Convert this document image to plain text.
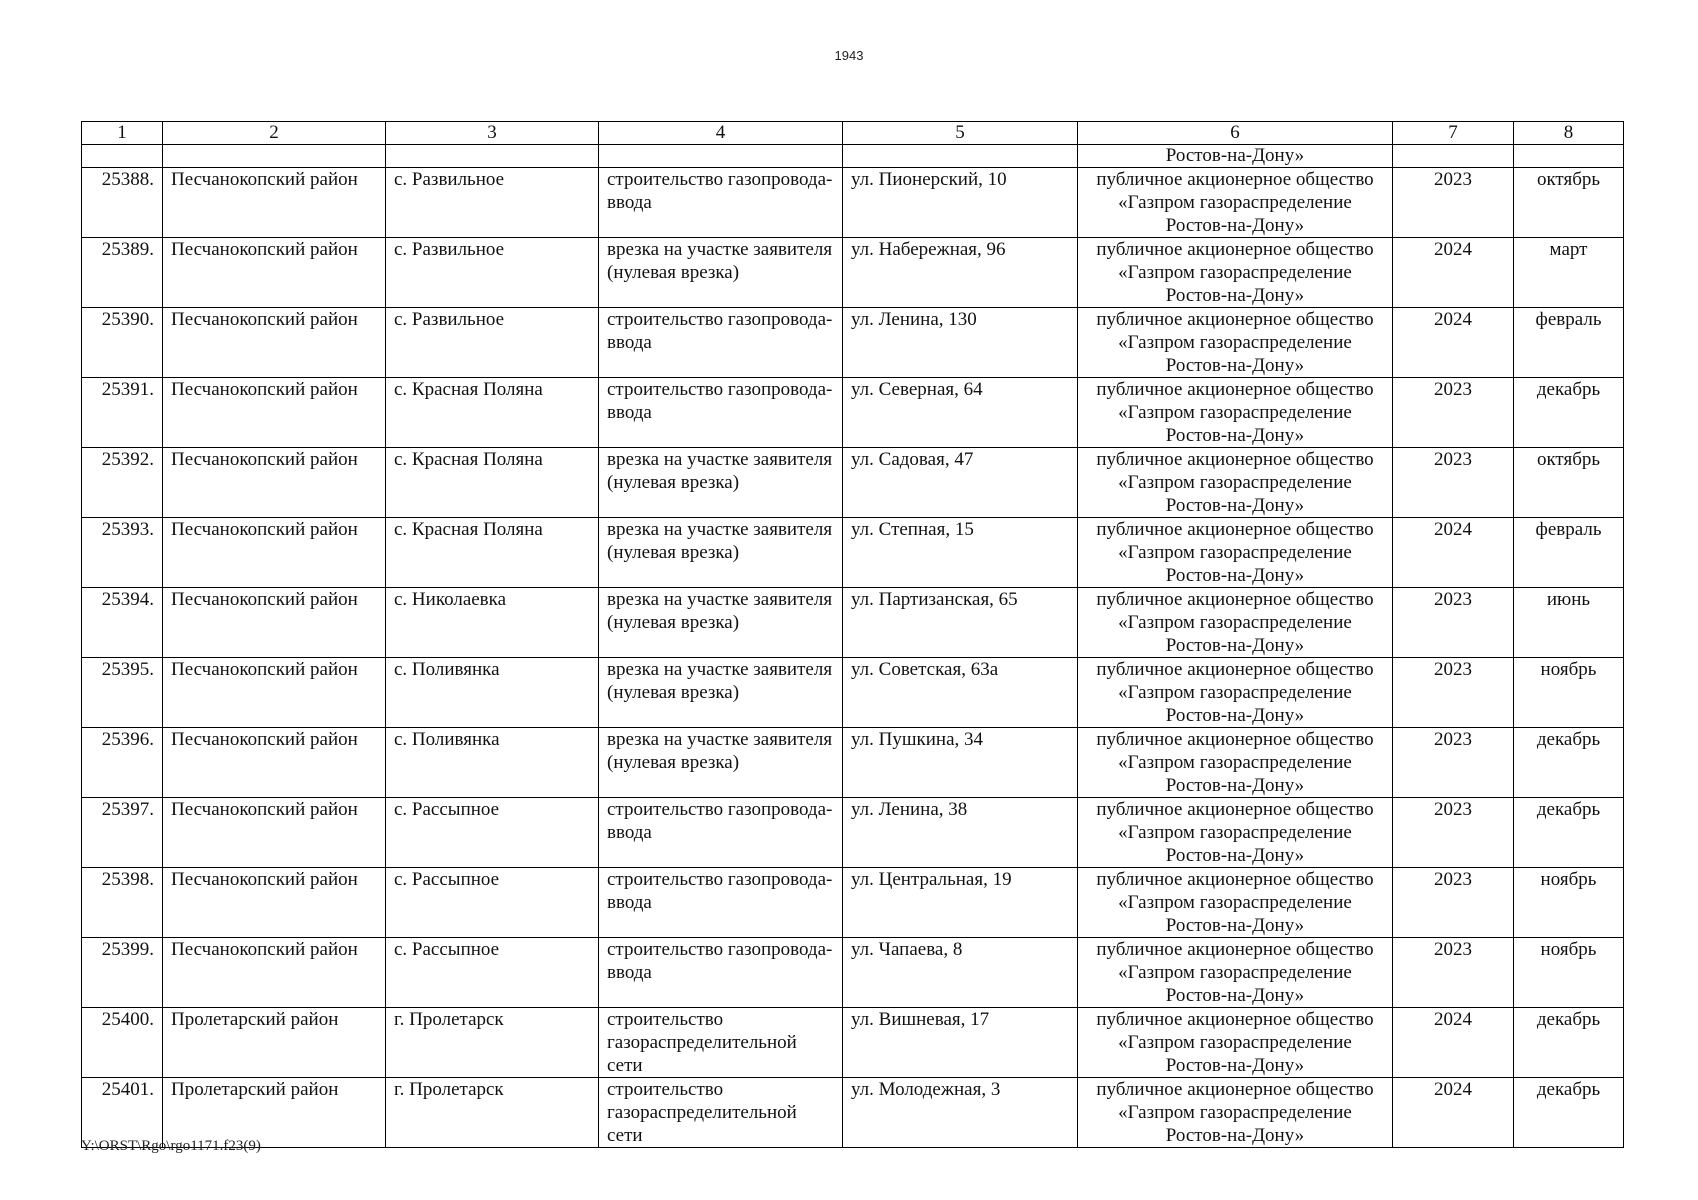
1943
1	2	3	4	5	6	7	8
					Ростов-на-Дону»		
25388.	Песчанокопский район	с. Развильное	строительство газопровода-ввода	ул. Пионерский, 10	публичное акционерное общество «Газпром газораспределение Ростов-на-Дону»	2023	октябрь
25389.	Песчанокопский район	с. Развильное	врезка на участке заявителя (нулевая врезка)	ул. Набережная, 96	публичное акционерное общество «Газпром газораспределение Ростов-на-Дону»	2024	март
25390.	Песчанокопский район	с. Развильное	строительство газопровода-ввода	ул. Ленина, 130	публичное акционерное общество «Газпром газораспределение Ростов-на-Дону»	2024	февраль
25391.	Песчанокопский район	с. Красная Поляна	строительство газопровода-ввода	ул. Северная, 64	публичное акционерное общество «Газпром газораспределение Ростов-на-Дону»	2023	декабрь
25392.	Песчанокопский район	с. Красная Поляна	врезка на участке заявителя (нулевая врезка)	ул. Садовая, 47	публичное акционерное общество «Газпром газораспределение Ростов-на-Дону»	2023	октябрь
25393.	Песчанокопский район	с. Красная Поляна	врезка на участке заявителя (нулевая врезка)	ул. Степная, 15	публичное акционерное общество «Газпром газораспределение Ростов-на-Дону»	2024	февраль
25394.	Песчанокопский район	с. Николаевка	врезка на участке заявителя (нулевая врезка)	ул. Партизанская, 65	публичное акционерное общество «Газпром газораспределение Ростов-на-Дону»	2023	июнь
25395.	Песчанокопский район	с. Поливянка	врезка на участке заявителя (нулевая врезка)	ул. Советская, 63а	публичное акционерное общество «Газпром газораспределение Ростов-на-Дону»	2023	ноябрь
25396.	Песчанокопский район	с. Поливянка	врезка на участке заявителя (нулевая врезка)	ул. Пушкина, 34	публичное акционерное общество «Газпром газораспределение Ростов-на-Дону»	2023	декабрь
25397.	Песчанокопский район	с. Рассыпное	строительство газопровода-ввода	ул. Ленина, 38	публичное акционерное общество «Газпром газораспределение Ростов-на-Дону»	2023	декабрь
25398.	Песчанокопский район	с. Рассыпное	строительство газопровода-ввода	ул. Центральная, 19	публичное акционерное общество «Газпром газораспределение Ростов-на-Дону»	2023	ноябрь
25399.	Песчанокопский район	с. Рассыпное	строительство газопровода-ввода	ул. Чапаева, 8	публичное акционерное общество «Газпром газораспределение Ростов-на-Дону»	2023	ноябрь
25400.	Пролетарский район	г. Пролетарск	строительство газораспределительной сети	ул. Вишневая, 17	публичное акционерное общество «Газпром газораспределение Ростов-на-Дону»	2024	декабрь
25401.	Пролетарский район	г. Пролетарск	строительство газораспределительной сети	ул. Молодежная, 3	публичное акционерное общество «Газпром газораспределение Ростов-на-Дону»	2024	декабрь
Y:\ORST\Rgo\rgo1171.f23(9)
